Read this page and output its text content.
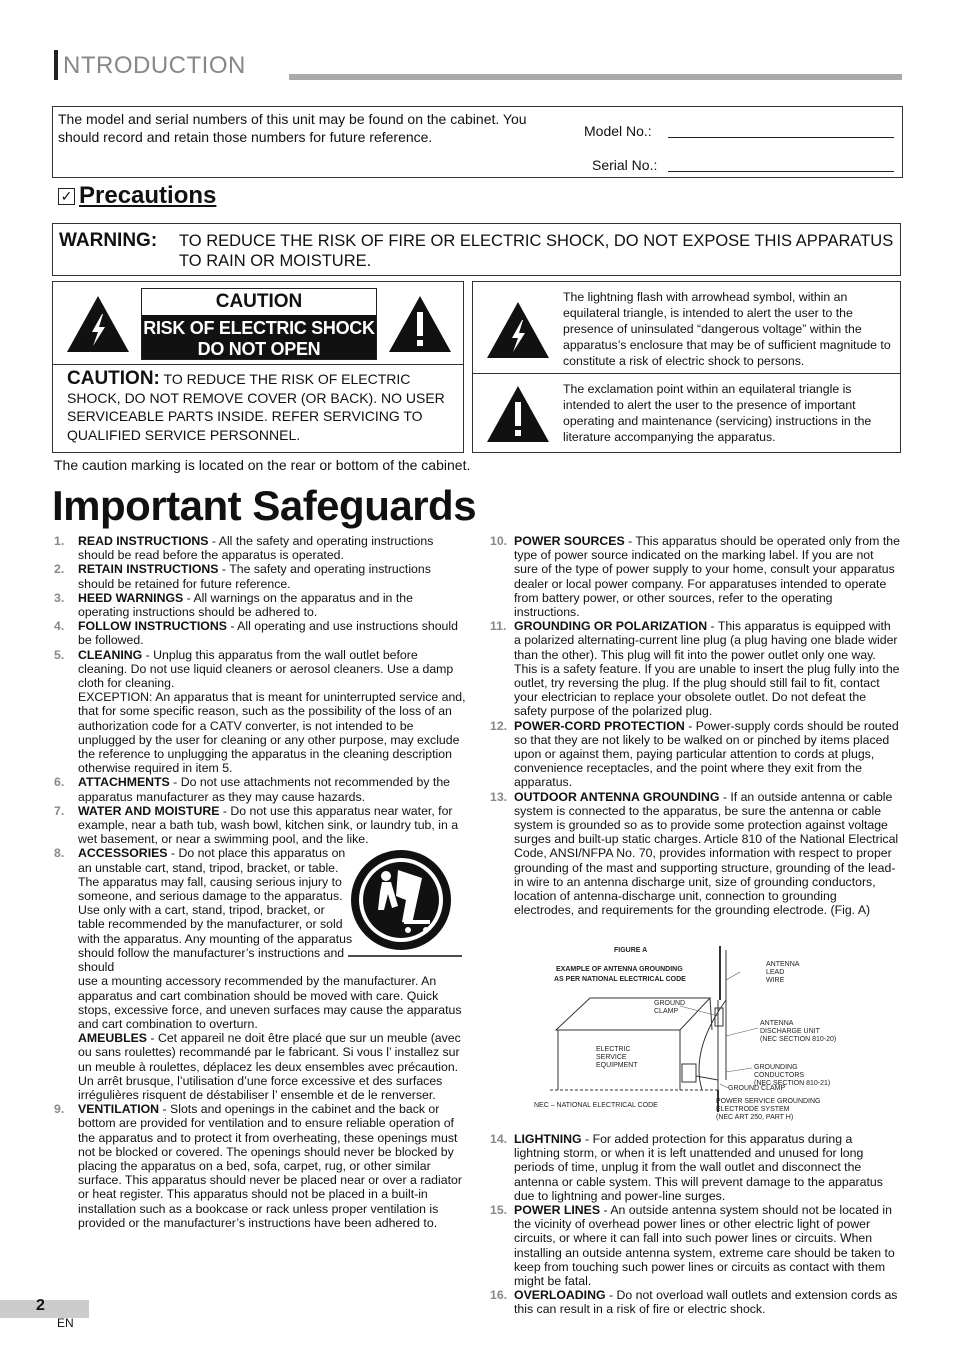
NTRODUCTION
The model and serial numbers of this unit may be found on the cabinet. You should record and retain those numbers for future reference.	Model No.:
Serial No.:
✓ Precautions
WARNING: TO REDUCE THE RISK OF FIRE OR ELECTRIC SHOCK, DO NOT EXPOSE THIS APPARATUS TO RAIN OR MOISTURE.
CAUTION
RISK OF ELECTRIC SHOCK
DO NOT OPEN
CAUTION: TO REDUCE THE RISK OF ELECTRIC SHOCK, DO NOT REMOVE COVER (OR BACK). NO USER SERVICEABLE PARTS INSIDE. REFER SERVICING TO QUALIFIED SERVICE PERSONNEL.
The lightning flash with arrowhead symbol, within an equilateral triangle, is intended to alert the user to the presence of uninsulated “dangerous voltage” within the apparatus’s enclosure that may be of sufficient magnitude to constitute a risk of electric shock to persons.
The exclamation point within an equilateral triangle is intended to alert the user to the presence of important operating and maintenance (servicing) instructions in the literature accompanying the apparatus.
The caution marking is located on the rear or bottom of the cabinet.
Important Safeguards
1. READ INSTRUCTIONS - All the safety and operating instructions should be read before the apparatus is operated.
2. RETAIN INSTRUCTIONS - The safety and operating instructions should be retained for future reference.
3. HEED WARNINGS - All warnings on the apparatus and in the operating instructions should be adhered to.
4. FOLLOW INSTRUCTIONS - All operating and use instructions should be followed.
5. CLEANING - Unplug this apparatus from the wall outlet before cleaning. Do not use liquid cleaners or aerosol cleaners. Use a damp cloth for cleaning.
EXCEPTION: An apparatus that is meant for uninterrupted service and, that for some specific reason, such as the possibility of the loss of an authorization code for a CATV converter, is not intended to be unplugged by the user for cleaning or any other purpose, may exclude the reference to unplugging the apparatus in the cleaning description otherwise required in item 5.
6. ATTACHMENTS - Do not use attachments not recommended by the apparatus manufacturer as they may cause hazards.
7. WATER AND MOISTURE - Do not use this apparatus near water, for example, near a bath tub, wash bowl, kitchen sink, or laundry tub, in a wet basement, or near a swimming pool, and the like.
8. ACCESSORIES - Do not place this apparatus on an unstable cart, stand, tripod, bracket, or table. The apparatus may fall, causing serious injury to someone, and serious damage to the apparatus. Use only with a cart, stand, tripod, bracket, or table recommended by the manufacturer, or sold with the apparatus. Any mounting of the apparatus should follow the manufacturer’s instructions and should
use a mounting accessory recommended by the manufacturer. An apparatus and cart combination should be moved with care. Quick stops, excessive force, and uneven surfaces may cause the apparatus and cart combination to overturn.
AMEUBLES - Cet appareil ne doit être placé que sur un meuble (avec ou sans roulettes) recommandé par le fabricant. Si vous l’ installez sur un meuble à roulettes, déplacez les deux ensembles avec précaution. Un arrêt brusque, l’utilisation d’une force excessive et des surfaces irrégulières risquent de déstabiliser l’ ensemble et de le renverser.
9. VENTILATION - Slots and openings in the cabinet and the back or bottom are provided for ventilation and to ensure reliable operation of the apparatus and to protect it from overheating, these openings must not be blocked or covered. The openings should never be blocked by placing the apparatus on a bed, sofa, carpet, rug, or other similar surface. This apparatus should never be placed near or over a radiator or heat register. This apparatus should not be placed in a built-in installation such as a bookcase or rack unless proper ventilation is provided or the manufacturer’s instructions have been adhered to.
10. POWER SOURCES - This apparatus should be operated only from the type of power source indicated on the marking label. If you are not sure of the type of power supply to your home, consult your apparatus dealer or local power company. For apparatuses intended to operate from battery power, or other sources, refer to the operating instructions.
11. GROUNDING OR POLARIZATION - This apparatus is equipped with a polarized alternating-current line plug (a plug having one blade wider than the other). This plug will fit into the power outlet only one way. This is a safety feature. If you are unable to insert the plug fully into the outlet, try reversing the plug. If the plug should still fail to fit, contact your electrician to replace your obsolete outlet. Do not defeat the safety purpose of the polarized plug.
12. POWER-CORD PROTECTION - Power-supply cords should be routed so that they are not likely to be walked on or pinched by items placed upon or against them, paying particular attention to cords at plugs, convenience receptacles, and the point where they exit from the apparatus.
13. OUTDOOR ANTENNA GROUNDING - If an outside antenna or cable system is connected to the apparatus, be sure the antenna or cable system is grounded so as to provide some protection against voltage surges and built-up static charges. Article 810 of the National Electrical Code, ANSI/NFPA No. 70, provides information with respect to proper grounding of the mast and supporting structure, grounding of the lead-in wire to an antenna discharge unit, size of grounding conductors, location of antenna-discharge unit, connection to grounding electrodes, and requirements for the grounding electrode. (Fig. A)
FIGURE A
EXAMPLE OF ANTENNA GROUNDING
AS PER NATIONAL ELECTRICAL CODE
ANTENNA
LEAD
WIRE
GROUND
CLAMP
ANTENNA
DISCHARGE UNIT
(NEC SECTION 810-20)
ELECTRIC
SERVICE
EQUIPMENT	GROUNDING CONDUCTORS
(NEC SECTION 810-21)
GROUND CLAMP
NEC – NATIONAL ELECTRICAL CODE
POWER SERVICE GROUNDING
ELECTRODE SYSTEM
(NEC ART 250, PART H)
14. LIGHTNING - For added protection for this apparatus during a lightning storm, or when it is left unattended and unused for long periods of time, unplug it from the wall outlet and disconnect the antenna or cable system. This will prevent damage to the apparatus due to lightning and power-line surges.
15. POWER LINES - An outside antenna system should not be located in the vicinity of overhead power lines or other electric light of power circuits, or where it can fall into such power lines or circuits. When installing an outside antenna system, extreme care should be taken to keep from touching such power lines or circuits as contact with them might be fatal.
16. OVERLOADING - Do not overload wall outlets and extension cords as this can result in a risk of fire or electric shock.
2
EN
